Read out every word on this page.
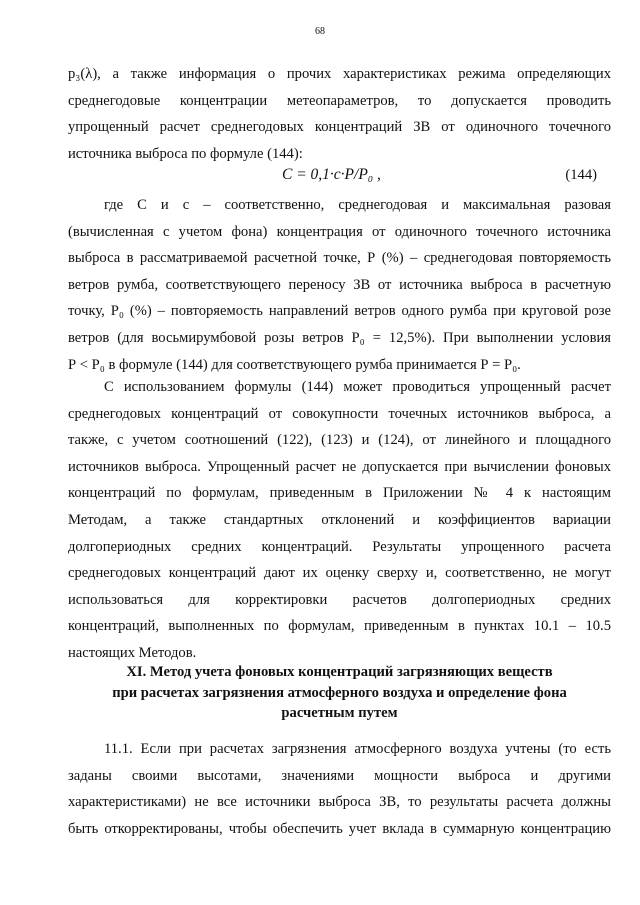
68
p₃(λ), а также информация о прочих характеристиках режима определяющих
среднегодовые концентрации метеопараметров, то допускается проводить
упрощенный расчет среднегодовых концентраций ЗВ от одиночного точечного
источника выброса по формуле (144):
C = 0,1·c·P/P₀ ,	(144)
где С и c – соответственно, среднегодовая и максимальная разовая
(вычисленная с учетом фона) концентрация от одиночного точечного источника
выброса в рассматриваемой расчетной точке, Р (%) – среднегодовая повторяемость
ветров румба, соответствующего переносу ЗВ от источника выброса в расчетную
точку, Р₀ (%) – повторяемость направлений ветров одного румба при круговой розе
ветров (для восьмирумбовой розы ветров Р₀ = 12,5%). При выполнении условия
Р < Р₀ в формуле (144) для соответствующего румба принимается Р = Р₀.
С использованием формулы (144) может проводиться упрощенный расчет
среднегодовых концентраций от совокупности точечных источников выброса, а
также, с учетом соотношений (122), (123) и (124), от линейного и площадного
источников выброса. Упрощенный расчет не допускается при вычислении фоновых
концентраций по формулам, приведенным в Приложении № 4 к настоящим
Методам, а также стандартных отклонений и коэффициентов вариации
долгопериодных средних концентраций. Результаты упрощенного расчета
среднегодовых концентраций дают их оценку сверху и, соответственно, не могут
использоваться для корректировки расчетов долгопериодных средних
концентраций, выполненных по формулам, приведенным в пунктах 10.1 – 10.5
настоящих Методов.
XI. Метод учета фоновых концентраций загрязняющих веществ
при расчетах загрязнения атмосферного воздуха и определение фона
расчетным путем
11.1. Если при расчетах загрязнения атмосферного воздуха учтены (то есть
заданы своими высотами, значениями мощности выброса и другими
характеристиками) не все источники выброса ЗВ, то результаты расчета должны
быть откорректированы, чтобы обеспечить учет вклада в суммарную концентрацию
